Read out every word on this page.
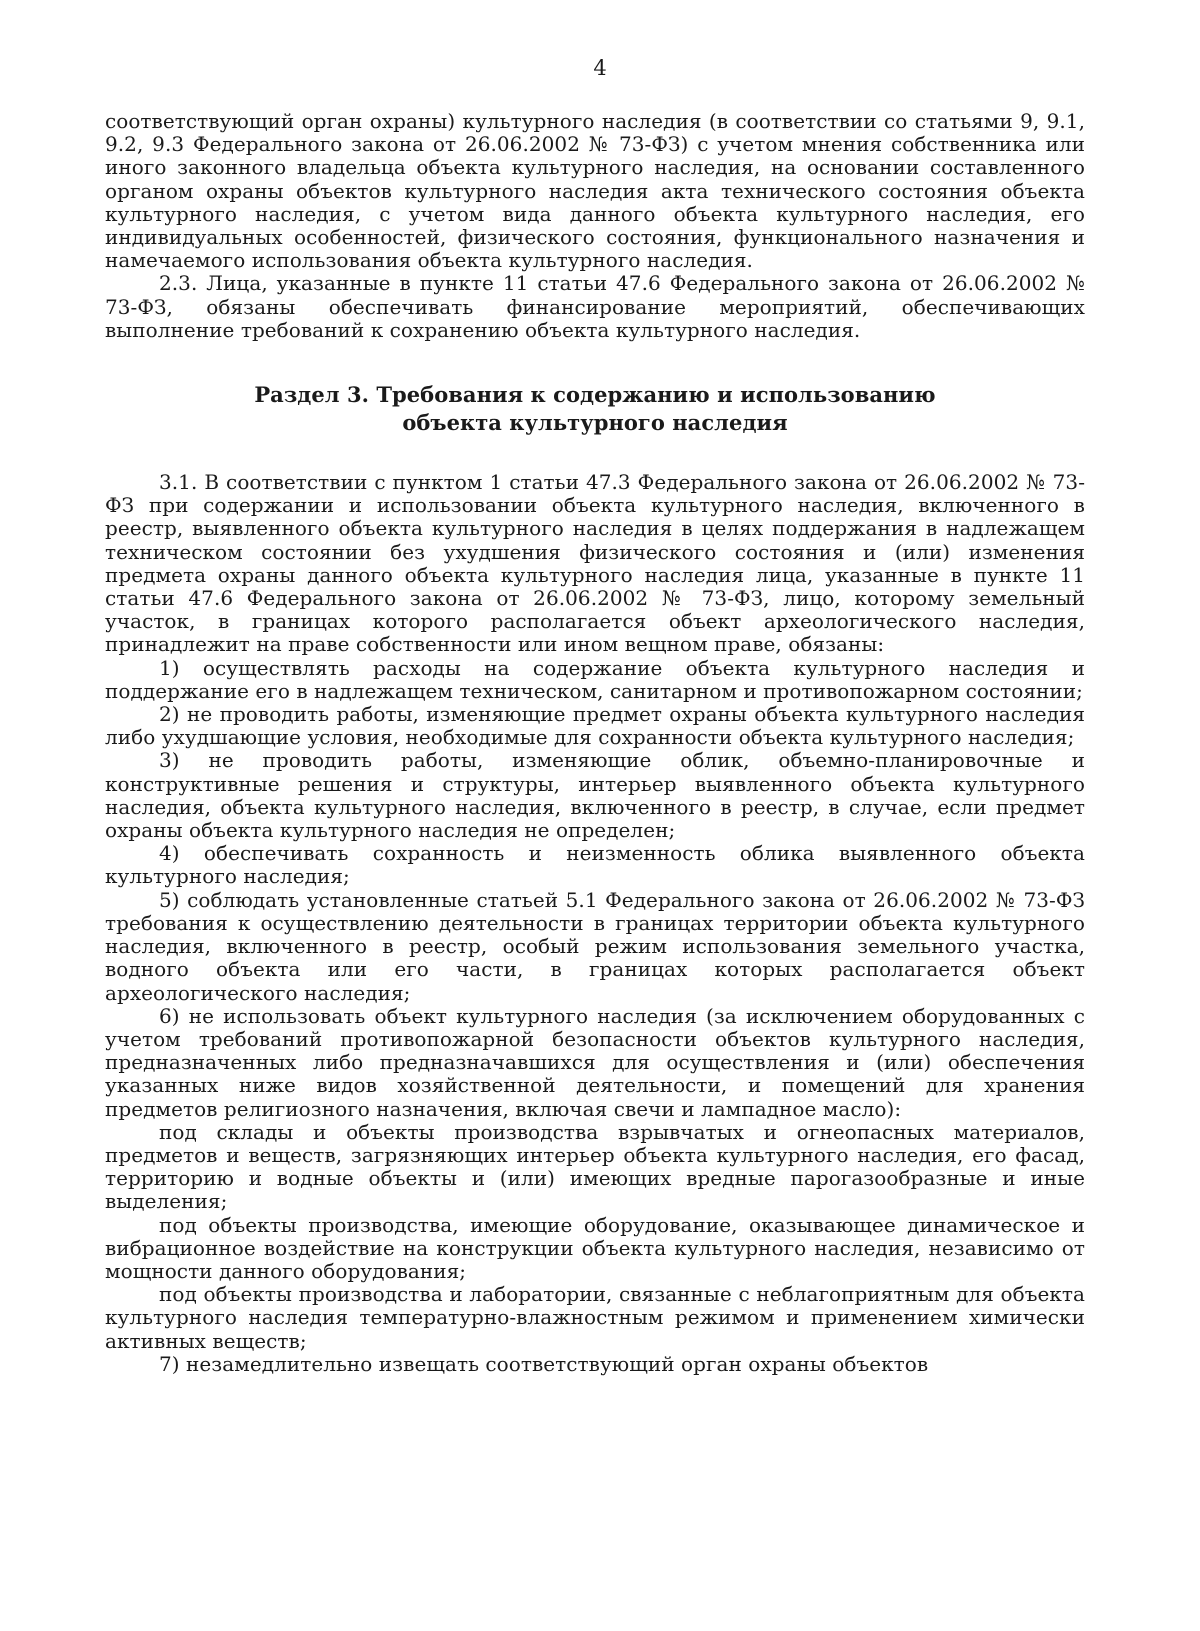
4

соответствующий орган охраны) культурного наследия (в соответствии со статьями 9, 9.1, 9.2, 9.3 Федерального закона от 26.06.2002 № 73-ФЗ) с учетом мнения собственника или иного законного владельца объекта культурного наследия, на основании составленного органом охраны объектов культурного наследия акта технического состояния объекта культурного наследия, с учетом вида данного объекта культурного наследия, его индивидуальных особенностей, физического состояния, функционального назначения и намечаемого использования объекта культурного наследия.

2.3. Лица, указанные в пункте 11 статьи 47.6 Федерального закона от 26.06.2002 № 73-ФЗ, обязаны обеспечивать финансирование мероприятий, обеспечивающих выполнение требований к сохранению объекта культурного наследия.

Раздел 3. Требования к содержанию и использованию
объекта культурного наследия

3.1. В соответствии с пунктом 1 статьи 47.3 Федерального закона от 26.06.2002 № 73-ФЗ при содержании и использовании объекта культурного наследия, включенного в реестр, выявленного объекта культурного наследия в целях поддержания в надлежащем техническом состоянии без ухудшения физического состояния и (или) изменения предмета охраны данного объекта культурного наследия лица, указанные в пункте 11 статьи 47.6 Федерального закона от 26.06.2002 № 73-ФЗ, лицо, которому земельный участок, в границах которого располагается объект археологического наследия, принадлежит на праве собственности или ином вещном праве, обязаны:

1) осуществлять расходы на содержание объекта культурного наследия и поддержание его в надлежащем техническом, санитарном и противопожарном состоянии;

2) не проводить работы, изменяющие предмет охраны объекта культурного наследия либо ухудшающие условия, необходимые для сохранности объекта культурного наследия;

3) не проводить работы, изменяющие облик, объемно-планировочные и конструктивные решения и структуры, интерьер выявленного объекта культурного наследия, объекта культурного наследия, включенного в реестр, в случае, если предмет охраны объекта культурного наследия не определен;

4) обеспечивать сохранность и неизменность облика выявленного объекта культурного наследия;

5) соблюдать установленные статьей 5.1 Федерального закона от 26.06.2002 № 73-ФЗ требования к осуществлению деятельности в границах территории объекта культурного наследия, включенного в реестр, особый режим использования земельного участка, водного объекта или его части, в границах которых располагается объект археологического наследия;

6) не использовать объект культурного наследия (за исключением оборудованных с учетом требований противопожарной безопасности объектов культурного наследия, предназначенных либо предназначавшихся для осуществления и (или) обеспечения указанных ниже видов хозяйственной деятельности, и помещений для хранения предметов религиозного назначения, включая свечи и лампадное масло):

под склады и объекты производства взрывчатых и огнеопасных материалов, предметов и веществ, загрязняющих интерьер объекта культурного наследия, его фасад, территорию и водные объекты и (или) имеющих вредные парогазообразные и иные выделения;

под объекты производства, имеющие оборудование, оказывающее динамическое и вибрационное воздействие на конструкции объекта культурного наследия, независимо от мощности данного оборудования;

под объекты производства и лаборатории, связанные с неблагоприятным для объекта культурного наследия температурно-влажностным режимом и применением химически активных веществ;

7) незамедлительно извещать соответствующий орган охраны объектов
